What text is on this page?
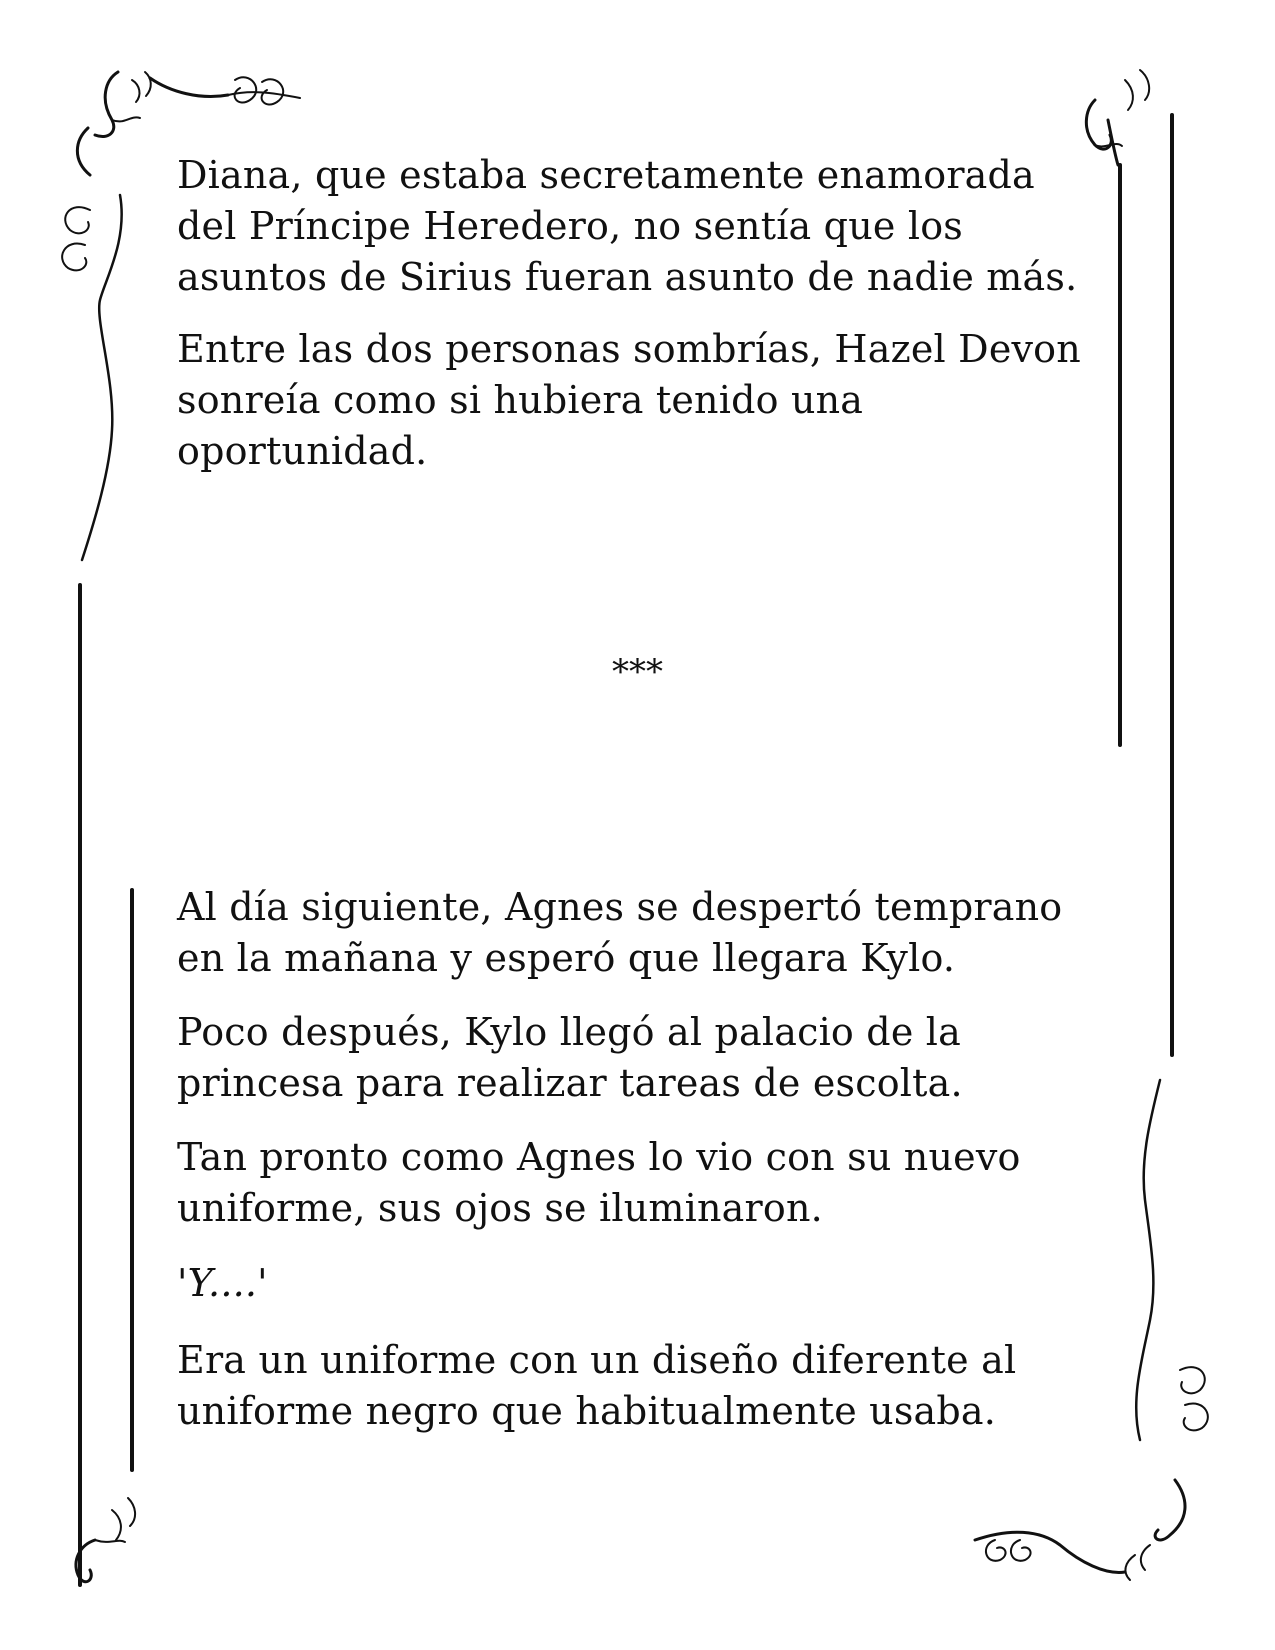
Diana, que estaba secretamente enamorada del Príncipe Heredero, no sentía que los asuntos de Sirius fueran asunto de nadie más.

Entre las dos personas sombrías, Hazel Devon sonreía como si hubiera tenido una oportunidad.

***

Al día siguiente, Agnes se despertó temprano en la mañana y esperó que llegara Kylo.

Poco después, Kylo llegó al palacio de la princesa para realizar tareas de escolta.

Tan pronto como Agnes lo vio con su nuevo uniforme, sus ojos se iluminaron.

'Y....'

Era un uniforme con un diseño diferente al uniforme negro que habitualmente usaba.
